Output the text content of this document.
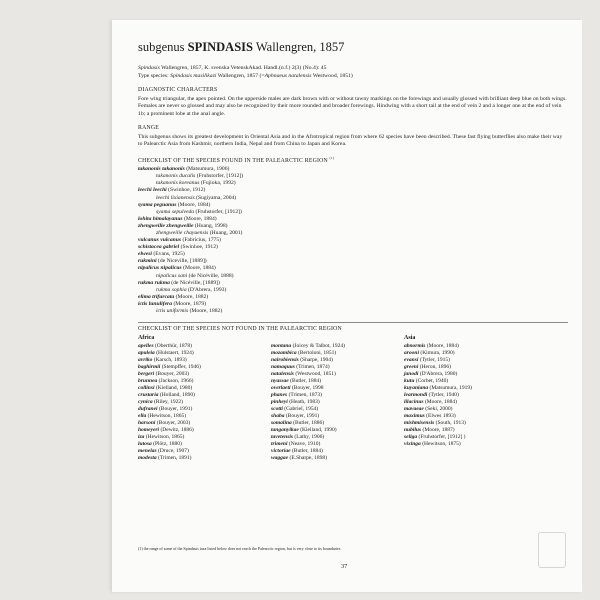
subgenus SPINDASIS Wallengren, 1857

Spindasis Wallengren, 1857, K. svenska VetenskAkad. Handl.(n.f.) 2(3) (No.4): 45

Type species: Spindasis masilikazi Wallengren, 1857 (=Aphnaeus natalensis Westwood, 1851)

DIAGNOSTIC CHARACTERS

Fore wing triangular, the apex pointed. On the upperside males are dark brown with or without tawny markings on the forewings and usually glossed with brilliant deep blue on both wings. Females are never so glossed and may also be recognized by their more rounded and broader forewings. Hindwing with a short tail at the end of vein 2 and a longer one at the end of vein 1b; a prominent lobe at the anal angle.

RANGE

This subgenus shows its greatest development in Oriental Asia and in the Afrotropical region from where 62 species have been described. These fast flying butterflies also make their way to Palearctic Asia from Kashmir, northern India, Nepal and from China to Japan and Korea.

CHECKLIST OF THE SPECIES FOUND IN THE PALEARCTIC REGION $^{(1)}$
takanonis takanonis (Matsumura, 1906)
takanonis ducalis (Fruhstorfer, [1912])
takanonis koreanus (Fujioka, 1992)
leechi leechi (Swinhoe, 1912)
leechi lixianensis (Sugiyama, 2004)
syama peguanus (Moore, 1884)
syama sepulveda (Fruhstorfer, [1912])
lohita himalayanus (Moore, 1884)
zhengweilie zhengweilie (Huang, 1998)
zhengweilie chayuensis (Huang, 2001)
vulcanus vulcanus (Fabricius, 1775)
schistacea gabriel (Swinhoe, 1912)
elwesi (Evans, 1925)
rukmini (de Niceville, [1889])
nipalicus nipalicus (Moore, 1884)
nipalicus sani (de Nicéville, 1888)
rukma rukma (de Nicéville, [1889])
rukma sophia (D'Abrera, 1993)
elima trifurcata (Moore, 1882)
ictis lunulifera (Moore, 1879)
ictis uniformis (Moore, 1882)
CHECKLIST OF THE SPECIES NOT FOUND IN THE PALEARCTIC REGION
Africa
apelles (Oberthür, 1878)
apuleia (Hulstaert, 1924)
avriko (Karsch, 1893)
baghirmii (Stempffer, 1946)
bergeri (Bouyer, 2003)
brunnea (Jackson, 1966)
collinsi (Kielland, 1980)
crustaria (Holland, 1890)
cynica (Riley, 1922)
dufranei (Bouyer, 1991)
ella (Hewitson, 1865)
harsoni (Bouyer, 2003)
homeyeri (Dewitz, 1886)
iza (Hewitson, 1865)
lutosa (Plötz, 1880)
menelas (Druce, 1907)
modesta (Trimen, 1891)

montana (Joicey & Talbot, 1924)
mozambica (Bertoloni, 1851)
nairobiensis (Sharpe, 1904)
namaquus (Trimen, 1874)
natalensis (Westwood, 1851)
nyassae (Butler, 1884)
overlaeti (Bouyer, 1998
phanes (Trimen, 1873)
pinheyi (Heath, 1983)
scotti (Gabriel, 1954)
shaba (Bouyer, 1991)
somalina (Butler, 1886)
tanganyikae (Kielland, 1990)
tavetensis (Lathy, 1906)
trimeni (Neave, 1910)
victoriae (Butler, 1884)
waggae (E.Sharpe, 1898)
Asia
abnormis (Moore, 1884)
arooni (Kimura, 1990)
evansi (Tytler, 1915)
greeni (Heron, 1896)
janodi (D'Abrera, 1980)
kutu (Corbet, 1940)
kuyaniana (Matsumura, 1919)
learmondi (Tytler, 1940)
lilacinus (Moore, 1884)
mavaeae (Seki, 2000)
maximus (Elwes 1893)
mishmisensis (South, 1913)
nubilus (Moore, 1887)
seliga (Fruhstorfer, [1912] )
vixinga (Hewitson, 1875)
(1) the range of some of the Spindasis taxa listed below does not reach the Palearctic region, but is very close to its boundaries
37
